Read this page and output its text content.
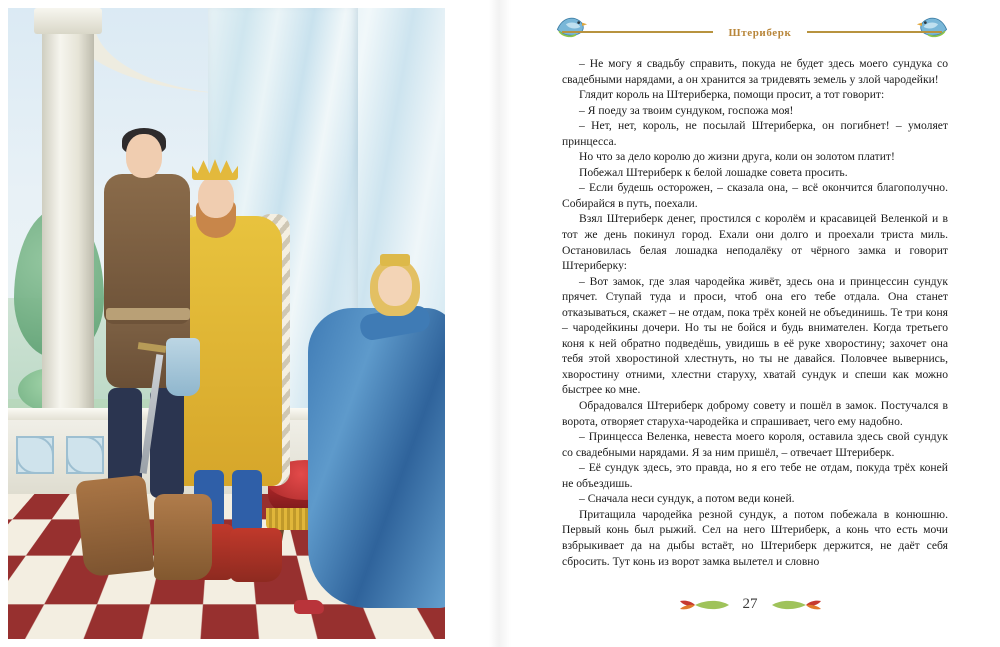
Штериберк

– Не могу я свадьбу справить, покуда не будет здесь моего сундука со свадебными нарядами, а он хранится за тридевять земель у злой чародейки!

Глядит король на Штериберка, помощи просит, а тот говорит:

– Я поеду за твоим сундуком, госпожа моя!

– Нет, нет, король, не посылай Штериберка, он погибнет! – умоляет принцесса.

Но что за дело королю до жизни друга, коли он золотом платит!

Побежал Штериберк к белой лошадке совета просить.

– Если будешь осторожен, – сказала она, – всё окончится благополучно. Собирайся в путь, поехали.

Взял Штериберк денег, простился с королём и красавицей Веленкой и в тот же день покинул город. Ехали они долго и проехали триста миль. Остановилась белая лошадка неподалёку от чёрного замка и говорит Штериберку:

– Вот замок, где злая чародейка живёт, здесь она и принцессин сундук прячет. Ступай туда и проси, чтоб она его тебе отдала. Она станет отказываться, скажет – не отдам, пока трёх коней не объединишь. Те три коня – чародейкины дочери. Но ты не бойся и будь внимателен. Когда третьего коня к ней обратно подведёшь, увидишь в её руке хворостину; захочет она тебя этой хворостиной хлестнуть, но ты не давайся. Половчее вывернись, хворостину отними, хлестни старуху, хватай сундук и спеши как можно быстрее ко мне.

Обрадовался Штериберк доброму совету и пошёл в замок. Постучался в ворота, отворяет старуха-чародейка и спрашивает, чего ему надобно.

– Принцесса Веленка, невеста моего короля, оставила здесь свой сундук со свадебными нарядами. Я за ним пришёл, – отвечает Штериберк.

– Её сундук здесь, это правда, но я его тебе не отдам, покуда трёх коней не объездишь.

– Сначала неси сундук, а потом веди коней.

Притащила чародейка резной сундук, а потом побежала в конюшню. Первый конь был рыжий. Сел на него Штериберк, а конь что есть мочи взбрыкивает да на дыбы встаёт, но Штериберк держится, не даёт себя сбросить. Тут конь из ворот замка вылетел и словно

27
